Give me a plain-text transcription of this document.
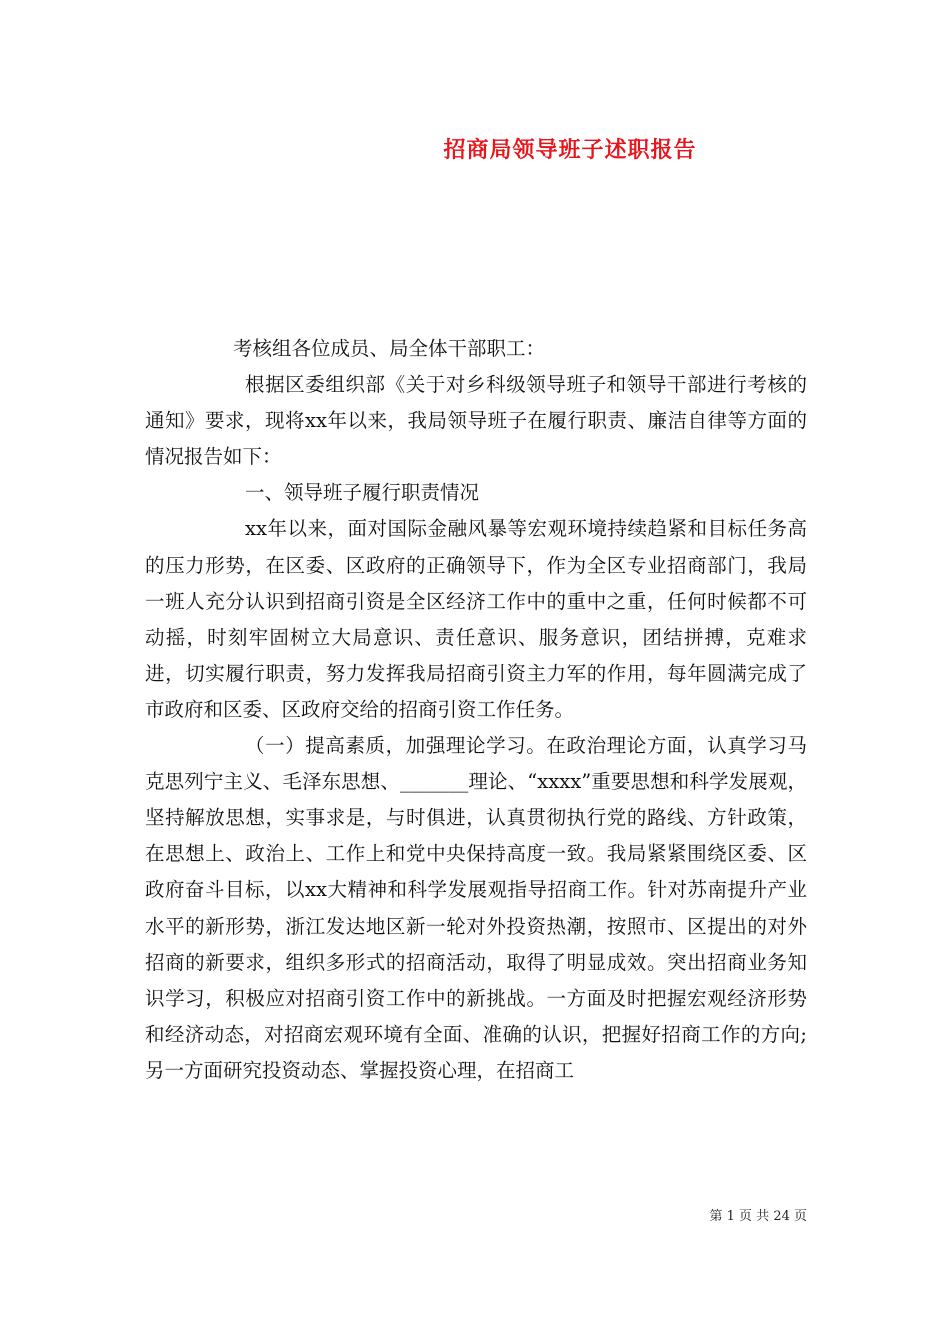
招商局领导班子述职报告

考核组各位成员、局全体干部职工：

根据区委组织部《关于对乡科级领导班子和领导干部进行考核的通知》要求，现将xx年以来，我局领导班子在履行职责、廉洁自律等方面的情况报告如下：

一、领导班子履行职责情况

xx年以来，面对国际金融风暴等宏观环境持续趋紧和目标任务高的压力形势，在区委、区政府的正确领导下，作为全区专业招商部门，我局一班人充分认识到招商引资是全区经济工作中的重中之重，任何时候都不可动摇，时刻牢固树立大局意识、责任意识、服务意识，团结拼搏，克难求进，切实履行职责，努力发挥我局招商引资主力军的作用，每年圆满完成了市政府和区委、区政府交给的招商引资工作任务。

（一）提高素质，加强理论学习。在政治理论方面，认真学习马克思列宁主义、毛泽东思想、_______理论、“xxxx”重要思想和科学发展观，坚持解放思想，实事求是，与时俱进，认真贯彻执行党的路线、方针政策，在思想上、政治上、工作上和党中央保持高度一致。我局紧紧围绕区委、区政府奋斗目标，以xx大精神和科学发展观指导招商工作。针对苏南提升产业水平的新形势，浙江发达地区新一轮对外投资热潮，按照市、区提出的对外招商的新要求，组织多形式的招商活动，取得了明显成效。突出招商业务知识学习，积极应对招商引资工作中的新挑战。一方面及时把握宏观经济形势和经济动态，对招商宏观环境有全面、准确的认识，把握好招商工作的方向;另一方面研究投资动态、掌握投资心理，在招商工

第 1 页 共 24 页
